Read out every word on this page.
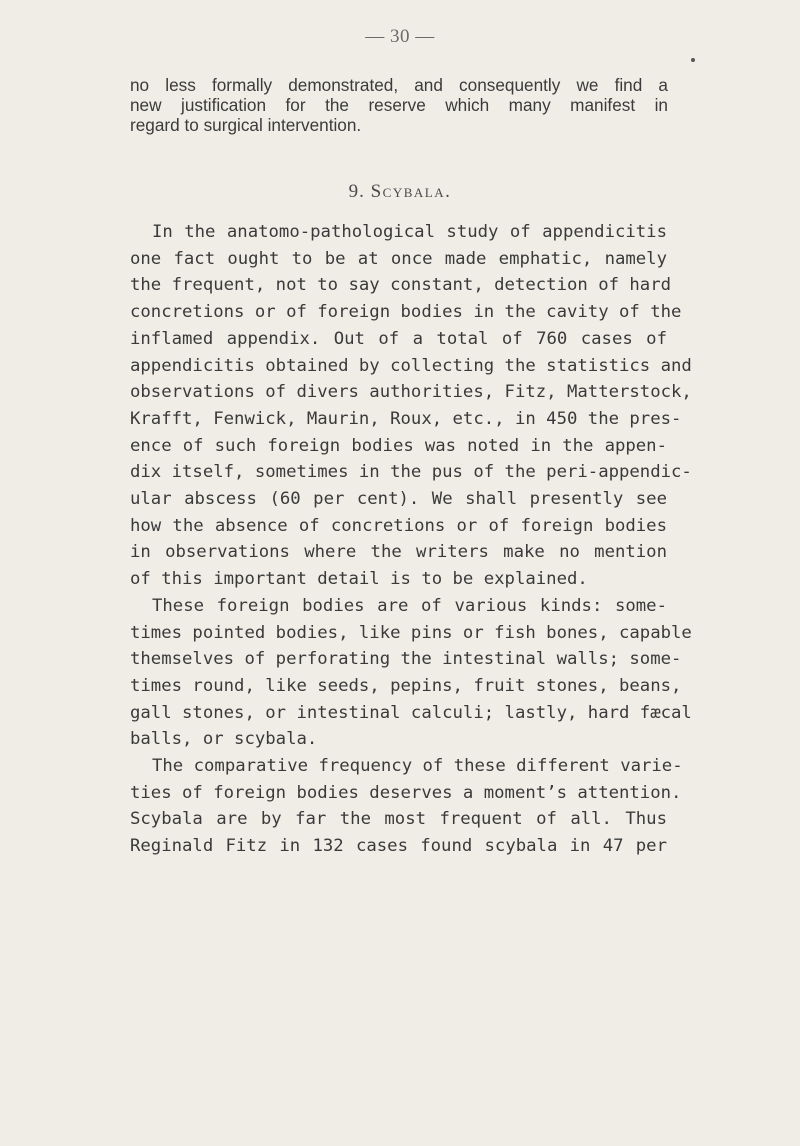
— 30 —
no less formally demonstrated, and consequently we find a
new justification for the reserve which many manifest in
regard to surgical intervention.
9. Scybala.
In the anatomo-pathological study of appendicitis
one fact ought to be at once made emphatic, namely
the frequent, not to say constant, detection of hard
concretions or of foreign bodies in the cavity of the
inflamed appendix. Out of a total of 760 cases of
appendicitis obtained by collecting the statistics and
observations of divers authorities, Fitz, Matterstock,
Krafft, Fenwick, Maurin, Roux, etc., in 450 the pres-
ence of such foreign bodies was noted in the appen-
dix itself, sometimes in the pus of the peri-appendic-
ular abscess (60 per cent). We shall presently see
how the absence of concretions or of foreign bodies
in observations where the writers make no mention
of this important detail is to be explained.
These foreign bodies are of various kinds: some-
times pointed bodies, like pins or fish bones, capable
themselves of perforating the intestinal walls; some-
times round, like seeds, pepins, fruit stones, beans,
gall stones, or intestinal calculi; lastly, hard fæcal
balls, or scybala.
The comparative frequency of these different varie-
ties of foreign bodies deserves a moment’s attention.
Scybala are by far the most frequent of all. Thus
Reginald Fitz in 132 cases found scybala in 47 per
